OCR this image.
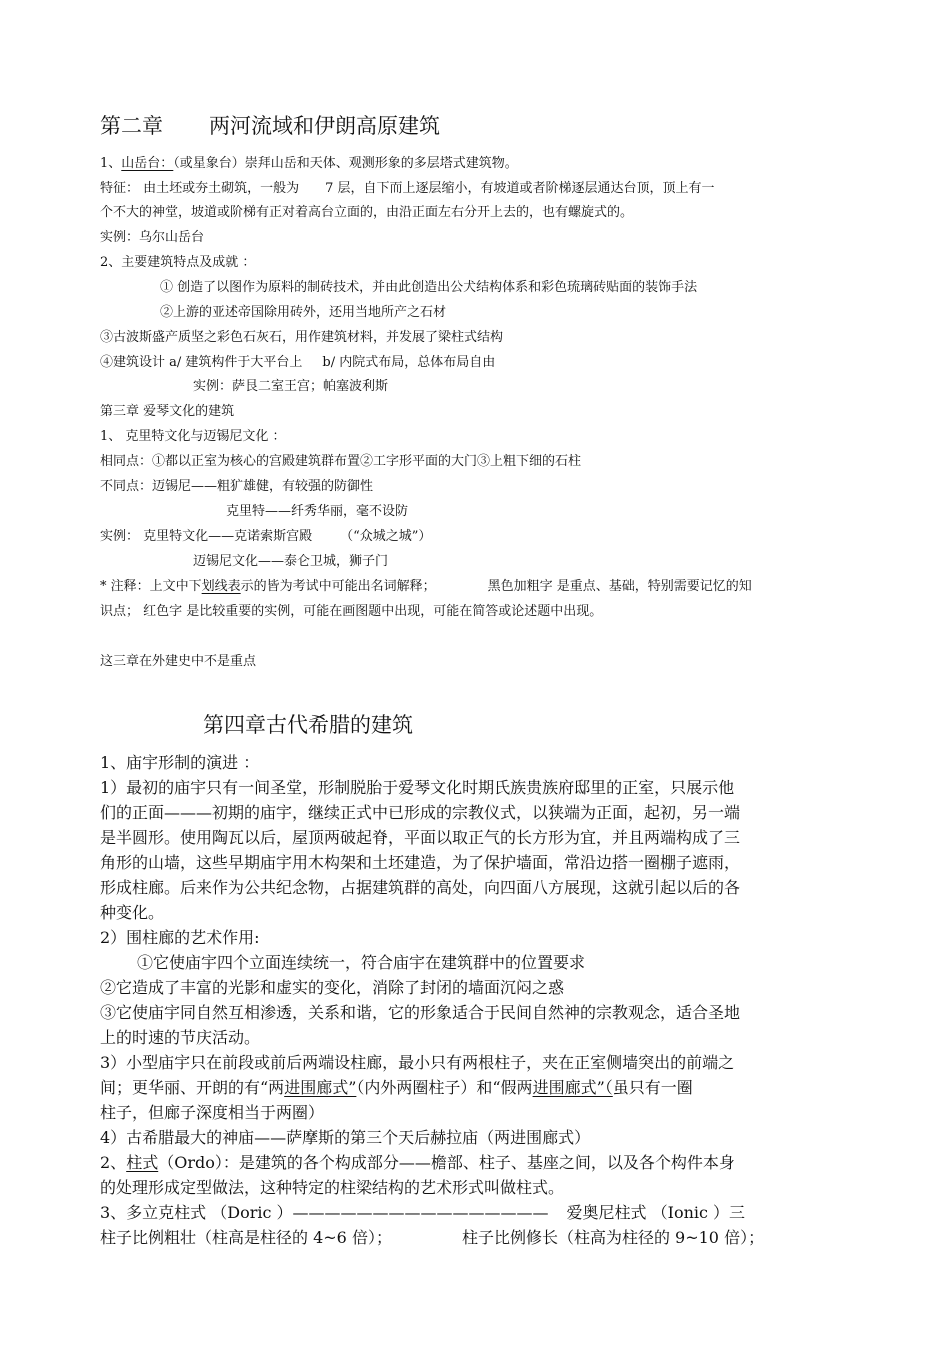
第二章 两河流域和伊朗高原建筑
1、山岳台：（或星象台）崇拜山岳和天体、观测形象的多层塔式建筑物。
特征： 由土坯或夯土砌筑，一般为 7 层，自下而上逐层缩小，有坡道或者阶梯逐层通达台顶，顶上有一
个不大的神堂，坡道或阶梯有正对着高台立面的，由沿正面左右分开上去的，也有螺旋式的。
实例：乌尔山岳台
2、主要建筑特点及成就 ：
① 创造了以图作为原料的制砖技术，并由此创造出公犬结构体系和彩色琉璃砖贴面的装饰手法
②上游的亚述帝国除用砖外，还用当地所产之石材
③古波斯盛产质坚之彩色石灰石，用作建筑材料，并发展了梁柱式结构
④建筑设计 a/ 建筑构件于大平台上 b/ 内院式布局，总体布局自由
实例：萨艮二室王宫；帕塞波利斯
第三章 爱琴文化的建筑
1、 克里特文化与迈锡尼文化 ：
相同点：①都以正室为核心的宫殿建筑群布置②工字形平面的大门③上粗下细的石柱
不同点：迈锡尼——粗犷雄健，有较强的防御性
克里特——纤秀华丽，毫不设防
实例： 克里特文化——克诺索斯宫殿 （“众城之城”）
迈锡尼文化——泰仑卫城，狮子门
* 注释：上文中下划线表示的皆为考试中可能出名词解释；	黑色加粗字 是重点、基础，特别需要记忆的知
识点； 红色字 是比较重要的实例，可能在画图题中出现，可能在简答或论述题中出现。
这三章在外建史中不是重点
第四章古代希腊的建筑
1、庙宇形制的演进 ：
1）最初的庙宇只有一间圣堂，形制脱胎于爱琴文化时期氏族贵族府邸里的正室，只展示他
们的正面———初期的庙宇，继续正式中已形成的宗教仪式，以狭端为正面，起初，另一端
是半圆形。使用陶瓦以后，屋顶两破起脊，平面以取正气的长方形为宜，并且两端构成了三
角形的山墙，这些早期庙宇用木构架和土坯建造，为了保护墙面，常沿边搭一圈棚子遮雨，
形成柱廊。后来作为公共纪念物，占据建筑群的高处，向四面八方展现，这就引起以后的各
种变化。
2）围柱廊的艺术作用:
①它使庙宇四个立面连续统一，符合庙宇在建筑群中的位置要求
②它造成了丰富的光影和虚实的变化，消除了封闭的墙面沉闷之惑
③它使庙宇同自然互相渗透，关系和谐，它的形象适合于民间自然神的宗教观念，适合圣地
上的时速的节庆活动。
3）小型庙宇只在前段或前后两端设柱廊，最小只有两根柱子，夹在正室侧墙突出的前端之
间；更华丽、开朗的有“两进围廊式”（内外两圈柱子）和“假两进围廊式”（虽只有一圈
柱子，但廊子深度相当于两圈）
4）古希腊最大的神庙——萨摩斯的第三个天后赫拉庙（两进围廊式）
2、柱式（Ordo）：是建筑的各个构成部分——檐部、柱子、基座之间，以及各个构件本身
的处理形成定型做法，这种特定的柱梁结构的艺术形式叫做柱式。
3、多立克柱式 （Doric ）———————————————— 爱奥尼柱式 （Ionic ）三
柱子比例粗壮（柱高是柱径的 4~6 倍）；	柱子比例修长（柱高为柱径的 9~10 倍）；
